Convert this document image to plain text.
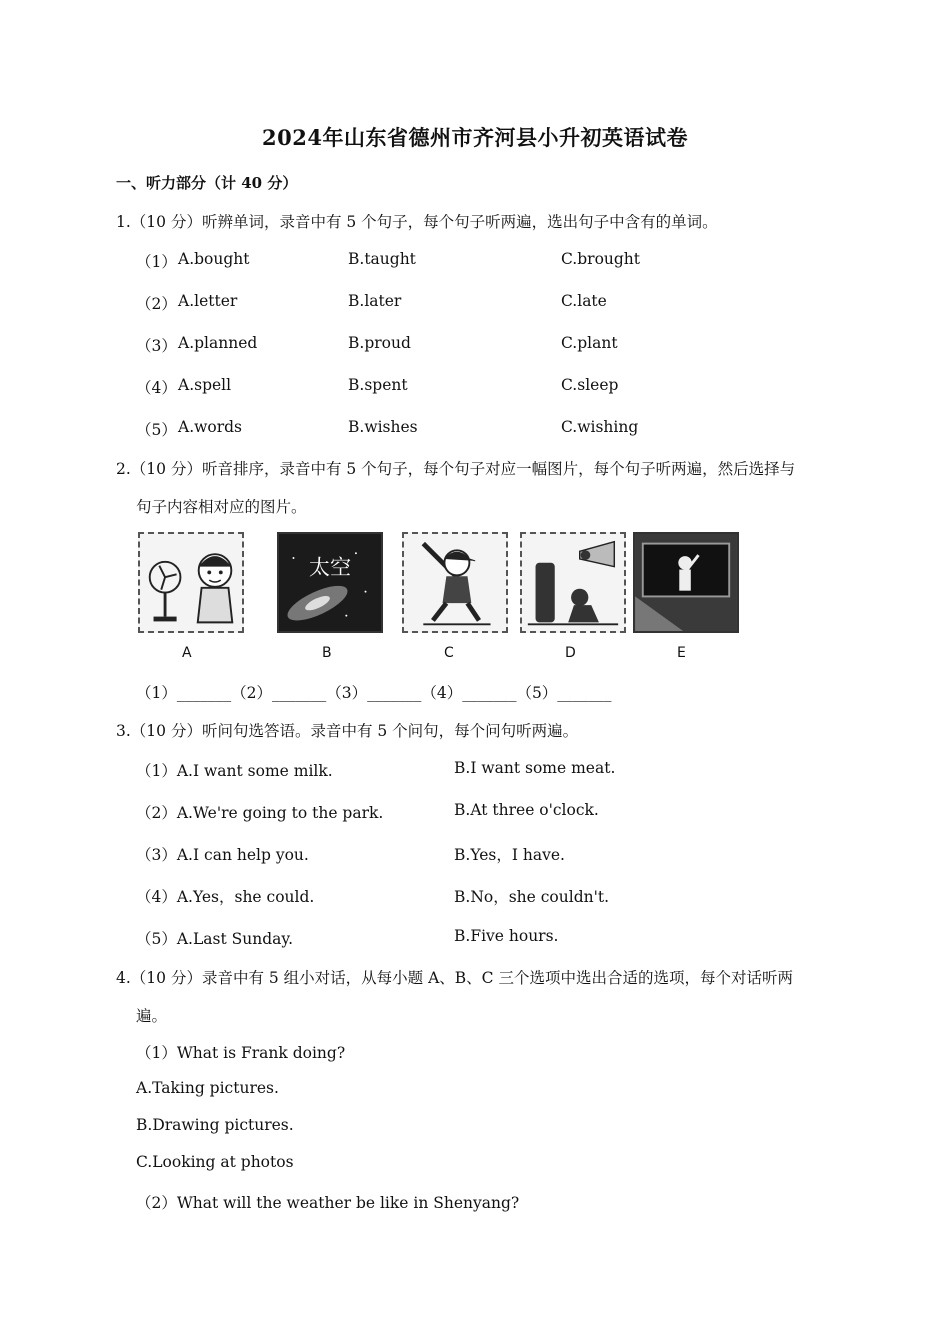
2024年山东省德州市齐河县小升初英语试卷
一、听力部分（计 40 分）
1.（10 分）听辨单词，录音中有 5 个句子，每个句子听两遍，选出句子中含有的单词。
（1） A.bought	B.taught	C.brought
（2） A.letter	B.later	C.late
（3） A.planned	B.proud	C.plant
（4） A.spell	B.spent	C.sleep
（5） A.words	B.wishes	C.wishing
2.（10 分）听音排序，录音中有 5 个句子，每个句子对应一幅图片，每个句子听两遍，然后选择与
句子内容相对应的图片。
太空
A	B	C	D	E
（1）_______（2）_______（3）_______（4）_______（5）_______
3.（10 分）听问句选答语。录音中有 5 个问句，每个问句听两遍。
（1）A.I want some milk.	B.I want some meat.
（2）A.We're going to the park.	B.At three o'clock.
（3）A.I can help you.	B.Yes，I have.
（4）A.Yes，she could.	B.No，she couldn't.
（5）A.Last Sunday.	B.Five hours.
4.（10 分）录音中有 5 组小对话，从每小题 A、B、C 三个选项中选出合适的选项，每个对话听两
遍。
（1）What is Frank doing?
A.Taking pictures.
B.Drawing pictures.
C.Looking at photos
（2）What will the weather be like in Shenyang?
